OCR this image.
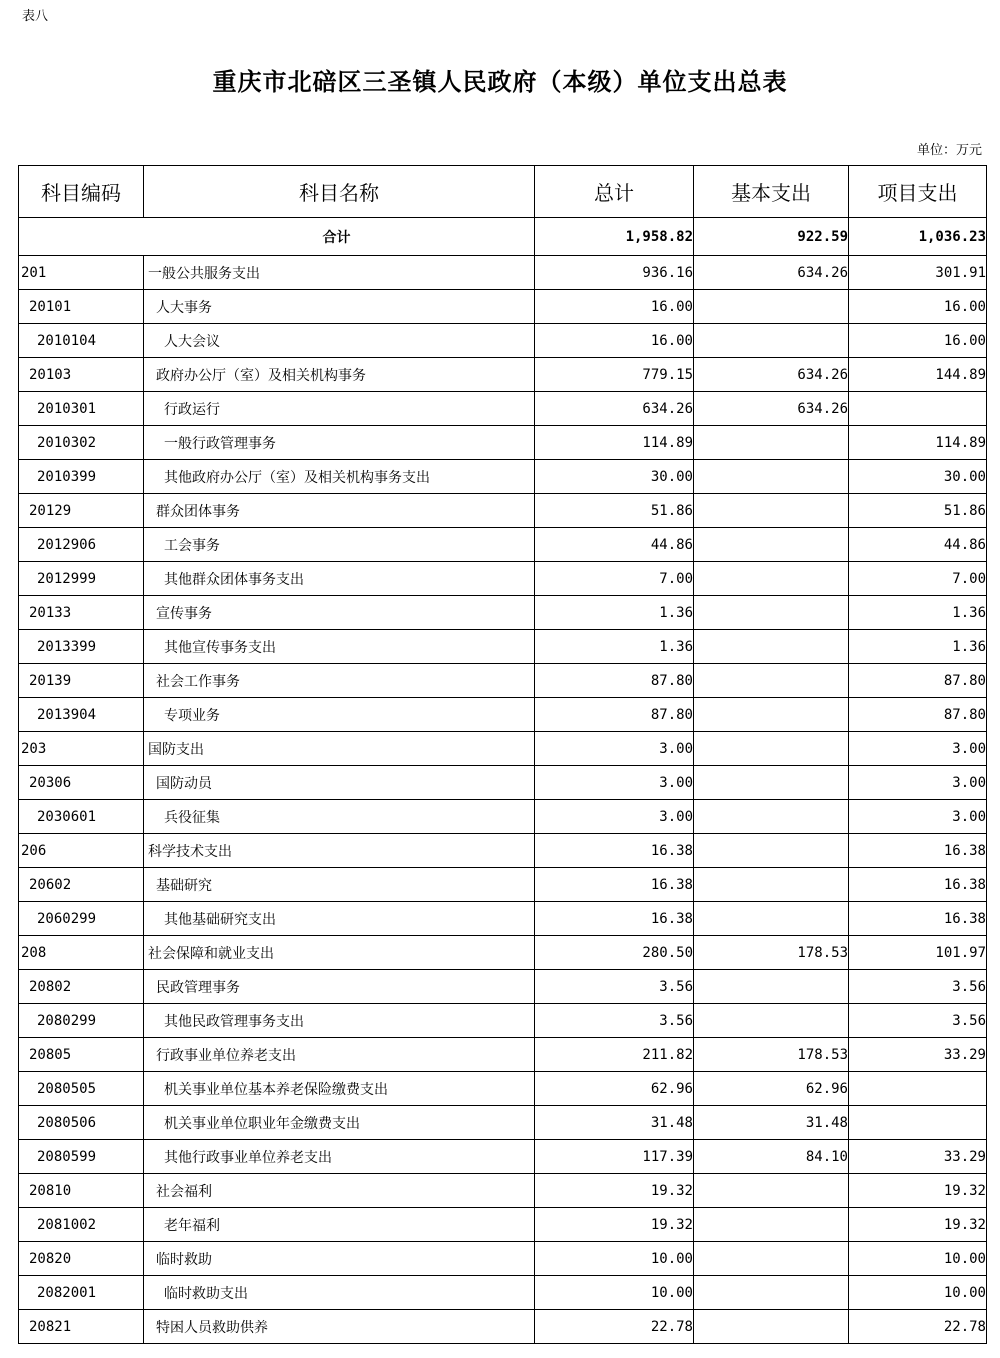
表八
重庆市北碚区三圣镇人民政府（本级）单位支出总表
单位：万元
科目编码	科目名称	总计	基本支出	项目支出
合计		1,958.82	922.59	1,036.23
201	一般公共服务支出	936.16	634.26	301.91
20101	人大事务	16.00		16.00
2010104	人大会议	16.00		16.00
20103	政府办公厅（室）及相关机构事务	779.15	634.26	144.89
2010301	行政运行	634.26	634.26	
2010302	一般行政管理事务	114.89		114.89
2010399	其他政府办公厅（室）及相关机构事务支出	30.00		30.00
20129	群众团体事务	51.86		51.86
2012906	工会事务	44.86		44.86
2012999	其他群众团体事务支出	7.00		7.00
20133	宣传事务	1.36		1.36
2013399	其他宣传事务支出	1.36		1.36
20139	社会工作事务	87.80		87.80
2013904	专项业务	87.80		87.80
203	国防支出	3.00		3.00
20306	国防动员	3.00		3.00
2030601	兵役征集	3.00		3.00
206	科学技术支出	16.38		16.38
20602	基础研究	16.38		16.38
2060299	其他基础研究支出	16.38		16.38
208	社会保障和就业支出	280.50	178.53	101.97
20802	民政管理事务	3.56		3.56
2080299	其他民政管理事务支出	3.56		3.56
20805	行政事业单位养老支出	211.82	178.53	33.29
2080505	机关事业单位基本养老保险缴费支出	62.96	62.96	
2080506	机关事业单位职业年金缴费支出	31.48	31.48	
2080599	其他行政事业单位养老支出	117.39	84.10	33.29
20810	社会福利	19.32		19.32
2081002	老年福利	19.32		19.32
20820	临时救助	10.00		10.00
2082001	临时救助支出	10.00		10.00
20821	特困人员救助供养	22.78		22.78
